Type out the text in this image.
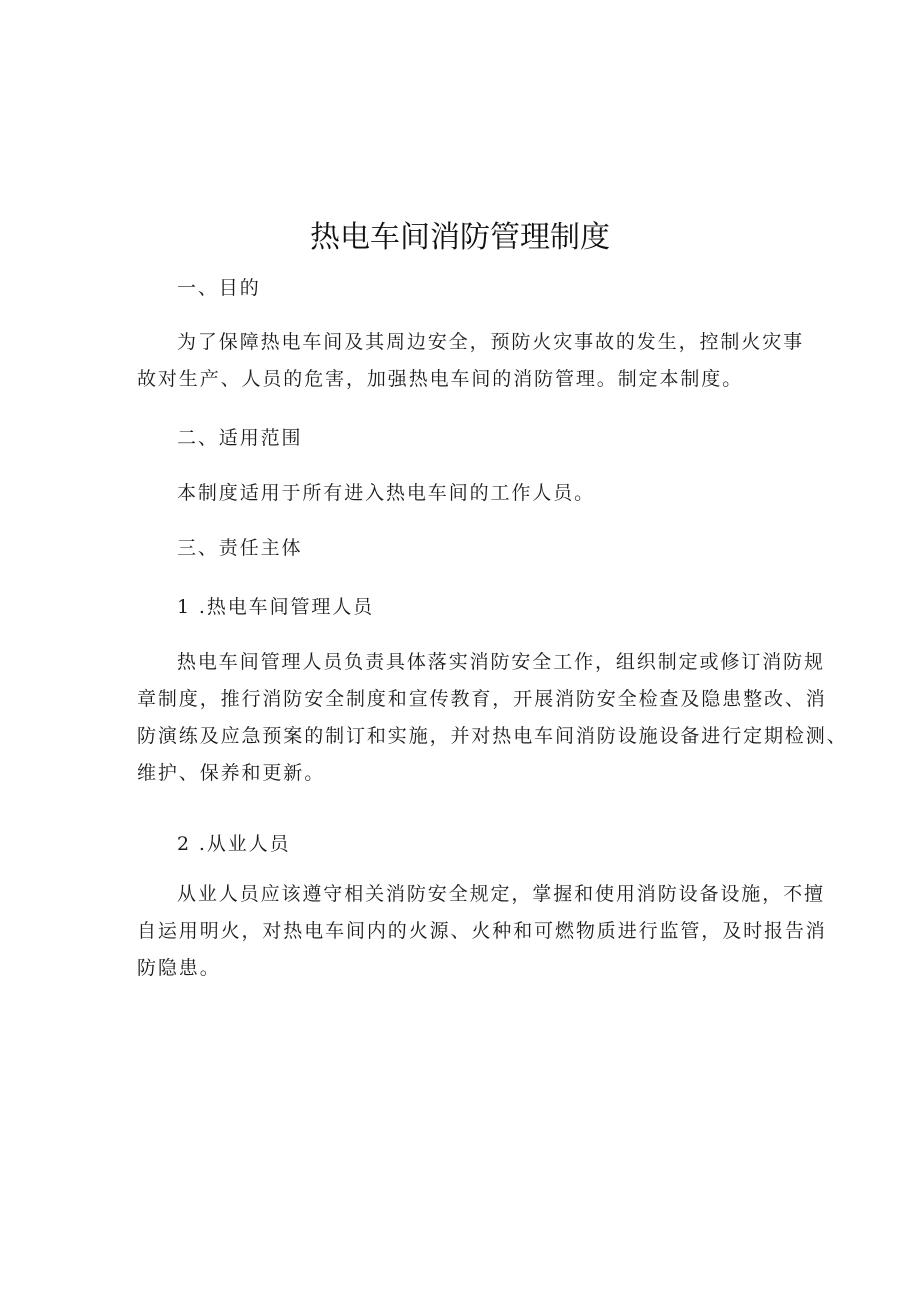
热电车间消防管理制度
一、目的
为了保障热电车间及其周边安全，预防火灾事故的发生，控制火灾事
故对生产、人员的危害，加强热电车间的消防管理。制定本制度。
二、适用范围
本制度适用于所有进入热电车间的工作人员。
三、责任主体
1 .热电车间管理人员
热电车间管理人员负责具体落实消防安全工作，组织制定或修订消防规
章制度，推行消防安全制度和宣传教育，开展消防安全检查及隐患整改、消
防演练及应急预案的制订和实施，并对热电车间消防设施设备进行定期检测、
维护、保养和更新。
2 .从业人员
从业人员应该遵守相关消防安全规定，掌握和使用消防设备设施，不擅
自运用明火，对热电车间内的火源、火种和可燃物质进行监管，及时报告消
防隐患。
